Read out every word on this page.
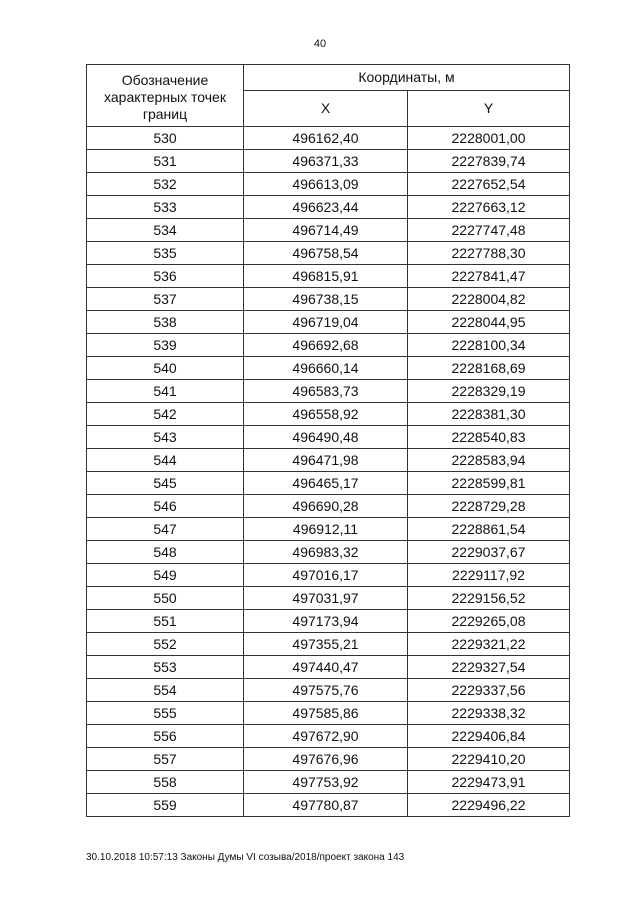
40
Обозначение характерных точек границ	Координаты, м	
	X	Y
530	496162,40	2228001,00
531	496371,33	2227839,74
532	496613,09	2227652,54
533	496623,44	2227663,12
534	496714,49	2227747,48
535	496758,54	2227788,30
536	496815,91	2227841,47
537	496738,15	2228004,82
538	496719,04	2228044,95
539	496692,68	2228100,34
540	496660,14	2228168,69
541	496583,73	2228329,19
542	496558,92	2228381,30
543	496490,48	2228540,83
544	496471,98	2228583,94
545	496465,17	2228599,81
546	496690,28	2228729,28
547	496912,11	2228861,54
548	496983,32	2229037,67
549	497016,17	2229117,92
550	497031,97	2229156,52
551	497173,94	2229265,08
552	497355,21	2229321,22
553	497440,47	2229327,54
554	497575,76	2229337,56
555	497585,86	2229338,32
556	497672,90	2229406,84
557	497676,96	2229410,20
558	497753,92	2229473,91
559	497780,87	2229496,22
30.10.2018 10:57:13 Законы Думы VI созыва/2018/проект закона 143
